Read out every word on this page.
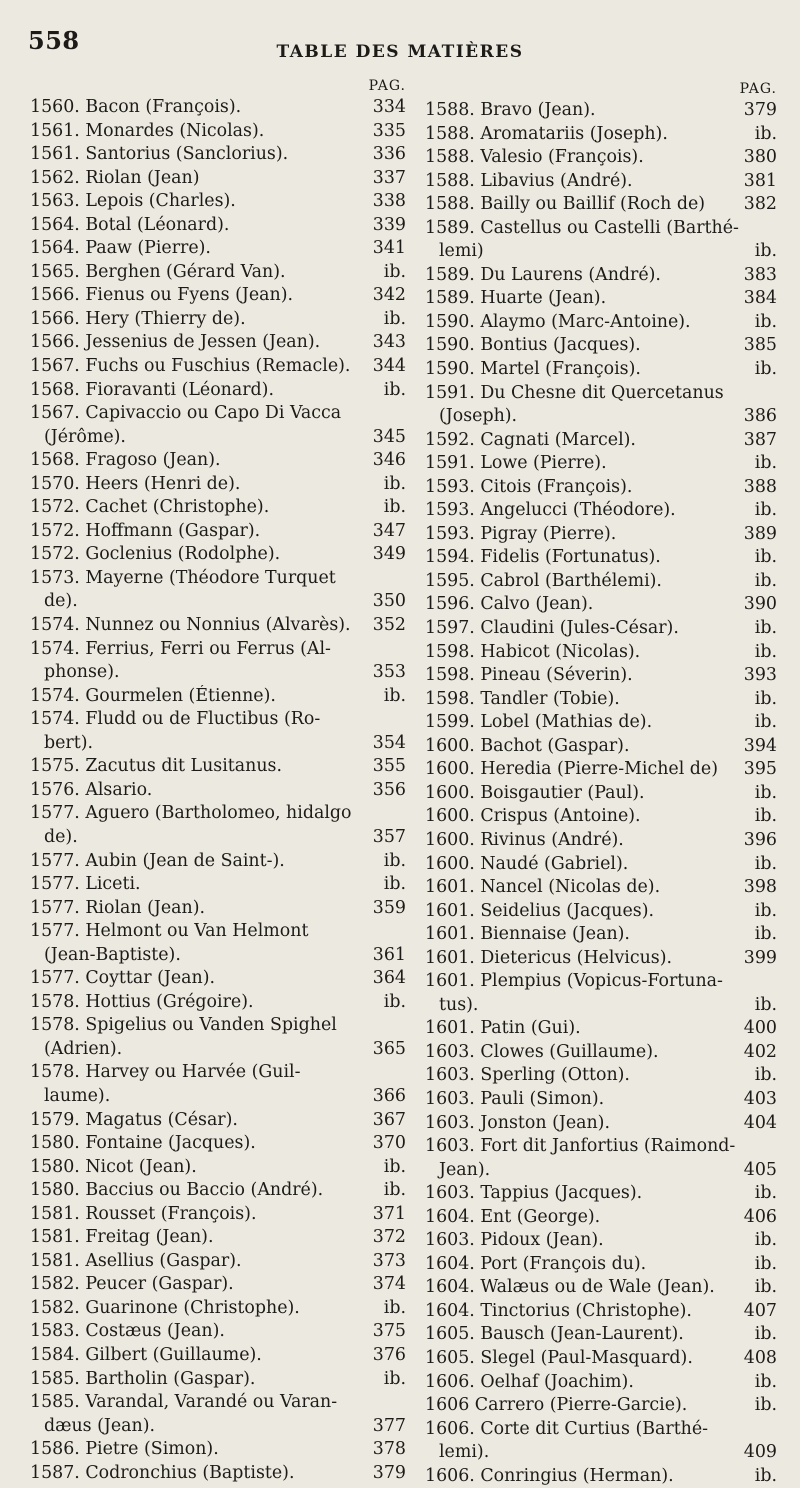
558	TABLE DES MATIÈRES
PAG.
1560. Bacon (François).	334
1561. Monardes (Nicolas).	335
1561. Santorius (Sanclorius).	336
1562. Riolan (Jean)	337
1563. Lepois (Charles).	338
1564. Botal (Léonard).	339
1564. Paaw (Pierre).	341
1565. Berghen (Gérard Van).	ib.
1566. Fienus ou Fyens (Jean).	342
1566. Hery (Thierry de).	ib.
1566. Jessenius de Jessen (Jean).	343
1567. Fuchs ou Fuschius (Remacle).	344
1568. Fioravanti (Léonard).	ib.
1567. Capivaccio ou Capo Di Vacca
(Jérôme).	345
1568. Fragoso (Jean).	346
1570. Heers (Henri de).	ib.
1572. Cachet (Christophe).	ib.
1572. Hoffmann (Gaspar).	347
1572. Goclenius (Rodolphe).	349
1573. Mayerne (Théodore Turquet
de).	350
1574. Nunnez ou Nonnius (Alvarès).	352
1574. Ferrius, Ferri ou Ferrus (Al-
phonse).	353
1574. Gourmelen (Étienne).	ib.
1574. Fludd ou de Fluctibus (Ro-
bert).	354
1575. Zacutus dit Lusitanus.	355
1576. Alsario.	356
1577. Aguero (Bartholomeo, hidalgo
de).	357
1577. Aubin (Jean de Saint-).	ib.
1577. Liceti.	ib.
1577. Riolan (Jean).	359
1577. Helmont ou Van Helmont
(Jean-Baptiste).	361
1577. Coyttar (Jean).	364
1578. Hottius (Grégoire).	ib.
1578. Spigelius ou Vanden Spighel
(Adrien).	365
1578. Harvey ou Harvée (Guil-
laume).	366
1579. Magatus (César).	367
1580. Fontaine (Jacques).	370
1580. Nicot (Jean).	ib.
1580. Baccius ou Baccio (André).	ib.
1581. Rousset (François).	371
1581. Freitag (Jean).	372
1581. Asellius (Gaspar).	373
1582. Peucer (Gaspar).	374
1582. Guarinone (Christophe).	ib.
1583. Costæus (Jean).	375
1584. Gilbert (Guillaume).	376
1585. Bartholin (Gaspar).	ib.
1585. Varandal, Varandé ou Varan-
dæus (Jean).	377
1586. Pietre (Simon).	378
1587. Codronchius (Baptiste).	379
PAG.
1588. Bravo (Jean).	379
1588. Aromatariis (Joseph).	ib.
1588. Valesio (François).	380
1588. Libavius (André).	381
1588. Bailly ou Baillif (Roch de)	382
1589. Castellus ou Castelli (Barthé-
lemi)	ib.
1589. Du Laurens (André).	383
1589. Huarte (Jean).	384
1590. Alaymo (Marc-Antoine).	ib.
1590. Bontius (Jacques).	385
1590. Martel (François).	ib.
1591. Du Chesne dit Quercetanus
(Joseph).	386
1592. Cagnati (Marcel).	387
1591. Lowe (Pierre).	ib.
1593. Citois (François).	388
1593. Angelucci (Théodore).	ib.
1593. Pigray (Pierre).	389
1594. Fidelis (Fortunatus).	ib.
1595. Cabrol (Barthélemi).	ib.
1596. Calvo (Jean).	390
1597. Claudini (Jules-César).	ib.
1598. Habicot (Nicolas).	ib.
1598. Pineau (Séverin).	393
1598. Tandler (Tobie).	ib.
1599. Lobel (Mathias de).	ib.
1600. Bachot (Gaspar).	394
1600. Heredia (Pierre-Michel de)	395
1600. Boisgautier (Paul).	ib.
1600. Crispus (Antoine).	ib.
1600. Rivinus (André).	396
1600. Naudé (Gabriel).	ib.
1601. Nancel (Nicolas de).	398
1601. Seidelius (Jacques).	ib.
1601. Biennaise (Jean).	ib.
1601. Dietericus (Helvicus).	399
1601. Plempius (Vopicus-Fortuna-
tus).	ib.
1601. Patin (Gui).	400
1603. Clowes (Guillaume).	402
1603. Sperling (Otton).	ib.
1603. Pauli (Simon).	403
1603. Jonston (Jean).	404
1603. Fort dit Janfortius (Raimond-
Jean).	405
1603. Tappius (Jacques).	ib.
1604. Ent (George).	406
1603. Pidoux (Jean).	ib.
1604. Port (François du).	ib.
1604. Walæus ou de Wale (Jean).	ib.
1604. Tinctorius (Christophe).	407
1605. Bausch (Jean-Laurent).	ib.
1605. Slegel (Paul-Masquard).	408
1606. Oelhaf (Joachim).	ib.
1606 Carrero (Pierre-Garcie).	ib.
1606. Corte dit Curtius (Barthé-
lemi).	409
1606. Conringius (Herman).	ib.
